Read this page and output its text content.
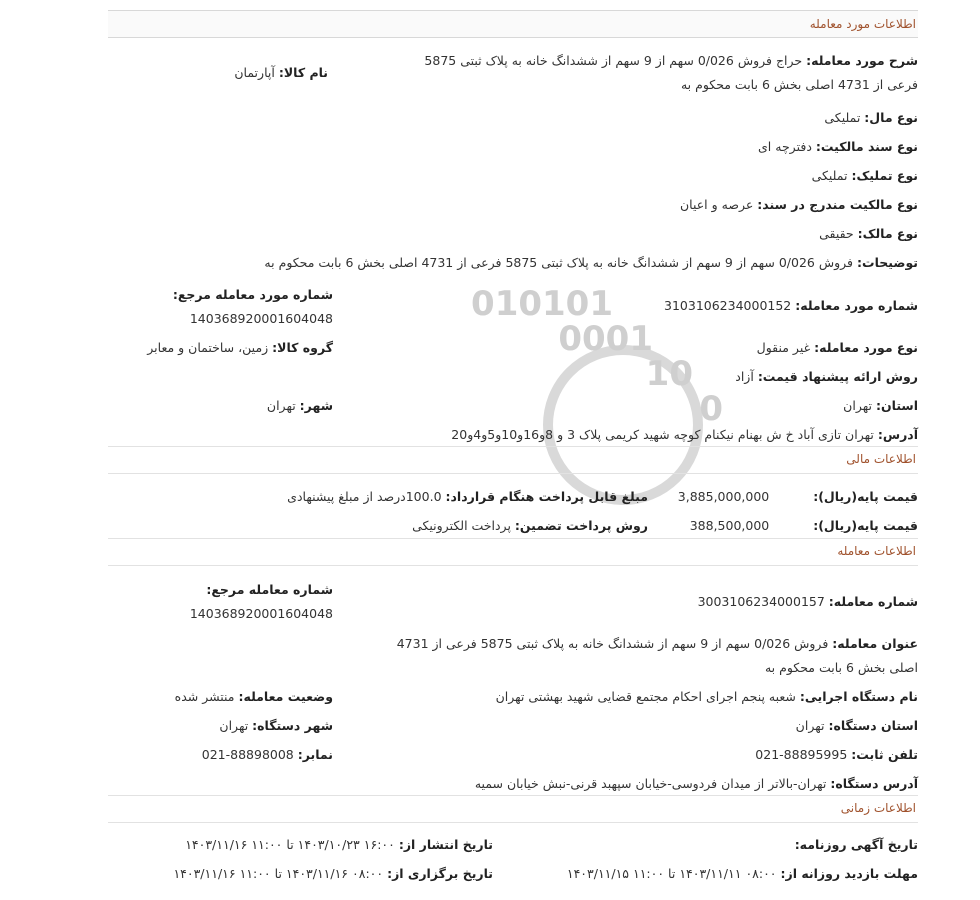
010101
0001
10
0
اطلاعات مورد معامله
شرح مورد معامله: حراج فروش 0/026 سهم از 9 سهم از ششدانگ خانه به پلاک ثبتی 5875 فرعی از 4731 اصلی بخش 6 بابت محکوم به
نام کالا: آپارتمان
نوع مال: تملیکی
نوع سند مالکیت: دفترچه ای
نوع تملیک: تملیکی
نوع مالکیت مندرج در سند: عرصه و اعیان
نوع مالک: حقیقی
توضیحات: فروش 0/026 سهم از 9 سهم از ششدانگ خانه به پلاک ثبتی 5875 فرعی از 4731 اصلی بخش 6 بابت محکوم به
شماره مورد معامله مرجع:
14036892000160​4048
شماره مورد معامله: 3103106234000152
نوع مورد معامله: غیر منقول
گروه کالا: زمین، ساختمان و معابر
روش ارائه پیشنهاد قیمت: آزاد
استان: تهران
شهر: تهران
آدرس: تهران تازی آباد خ ش بهنام نیکنام کوچه شهید کریمی پلاک 3 و 8و16و10و5و4و20
اطلاعات مالی
قیمت پایه(ریال): 3,885,000,000
مبلغ قابل پرداخت هنگام قرارداد: 100.0درصد از مبلغ پیشنهادی
قیمت پایه(ریال): 388,500,000
روش پرداخت تضمین: پرداخت الکترونیکی
اطلاعات معامله
شماره معامله مرجع:
14036892000160​4048
شماره معامله: 3003106234000157
عنوان معامله: فروش 0/026 سهم از 9 سهم از ششدانگ خانه به پلاک ثبتی 5875 فرعی از 4731 اصلی بخش 6 بابت محکوم به
نام دستگاه اجرایی: شعبه پنجم اجرای احکام مجتمع قضایی شهید بهشتی تهران
وضعیت معامله: منتشر شده
استان دستگاه: تهران
شهر دستگاه: تهران
تلفن ثابت: 88895995-021
نمابر: 88898008-021
آدرس دستگاه: تهران-بالاتر از میدان فردوسی-خیابان سپهبد قرنی-نبش خیابان سمیه
اطلاعات زمانی
تاریخ آگهی روزنامه:
تاریخ انتشار از: ۱۶:۰۰ ۱۴۰۳/۱۰/۲۳ تا ۱۱:۰۰ ۱۴۰۳/۱۱/۱۶
مهلت بازدید روزانه از: ۰۸:۰۰ ۱۴۰۳/۱۱/۱۱ تا ۱۱:۰۰ ۱۴۰۳/۱۱/۱۵
تاریخ برگزاری از: ۰۸:۰۰ ۱۴۰۳/۱۱/۱۶ تا ۱۱:۰۰ ۱۴۰۳/۱۱/۱۶
